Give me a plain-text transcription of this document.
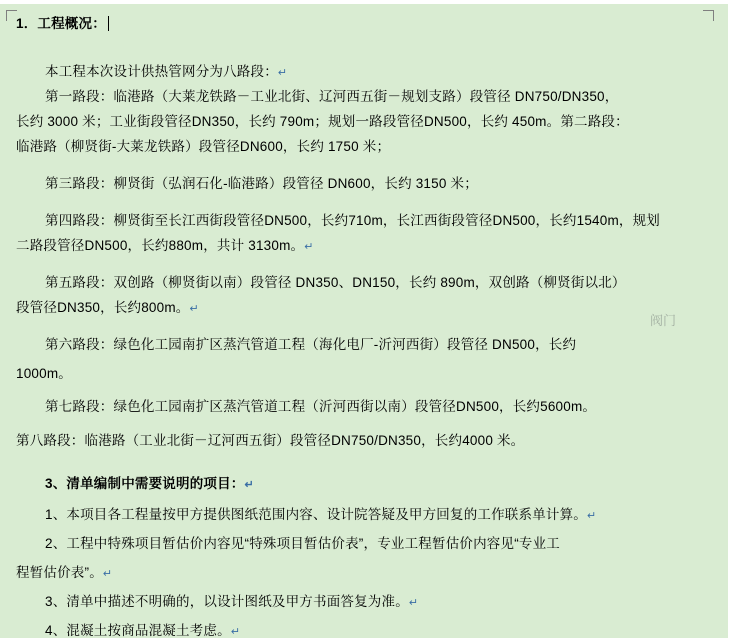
1．工程概况：
本工程本次设计供热管网分为八路段：↵
第一路段：临港路（大莱龙铁路－工业北街、辽河西五街－规划支路）段管径 DN750/DN350，
长约 3000 米；工业街段管径DN350，长约 790m；规划一路段管径DN500，长约 450m。第二路段：
临港路（柳贤街-大莱龙铁路）段管径DN600，长约 1750 米；
第三路段：柳贤街（弘润石化-临港路）段管径 DN600，长约 3150 米；
第四路段：柳贤街至长江西街段管径DN500，长约710m，长江西街段管径DN500，长约1540m，规划
二路段管径DN500，长约880m，共计 3130m。↵
第五路段：双创路（柳贤街以南）段管径 DN350、DN150，长约 890m，双创路（柳贤街以北）
段管径DN350，长约800m。↵
第六路段：绿色化工园南扩区蒸汽管道工程（海化电厂-沂河西街）段管径 DN500，长约
1000m。
第七路段：绿色化工园南扩区蒸汽管道工程（沂河西街以南）段管径DN500，长约5600m。
第八路段：临港路（工业北街－辽河西五街）段管径DN750/DN350，长约4000 米。
3、清单编制中需要说明的项目：↵
1、本项目各工程量按甲方提供图纸范围内容、设计院答疑及甲方回复的工作联系单计算。↵
2、工程中特殊项目暂估价内容见“特殊项目暂估价表”，专业工程暂估价内容见“专业工
程暂估价表”。↵
3、清单中描述不明确的，以设计图纸及甲方书面答复为准。↵
4、混凝土按商品混凝土考虑。↵
阀门
